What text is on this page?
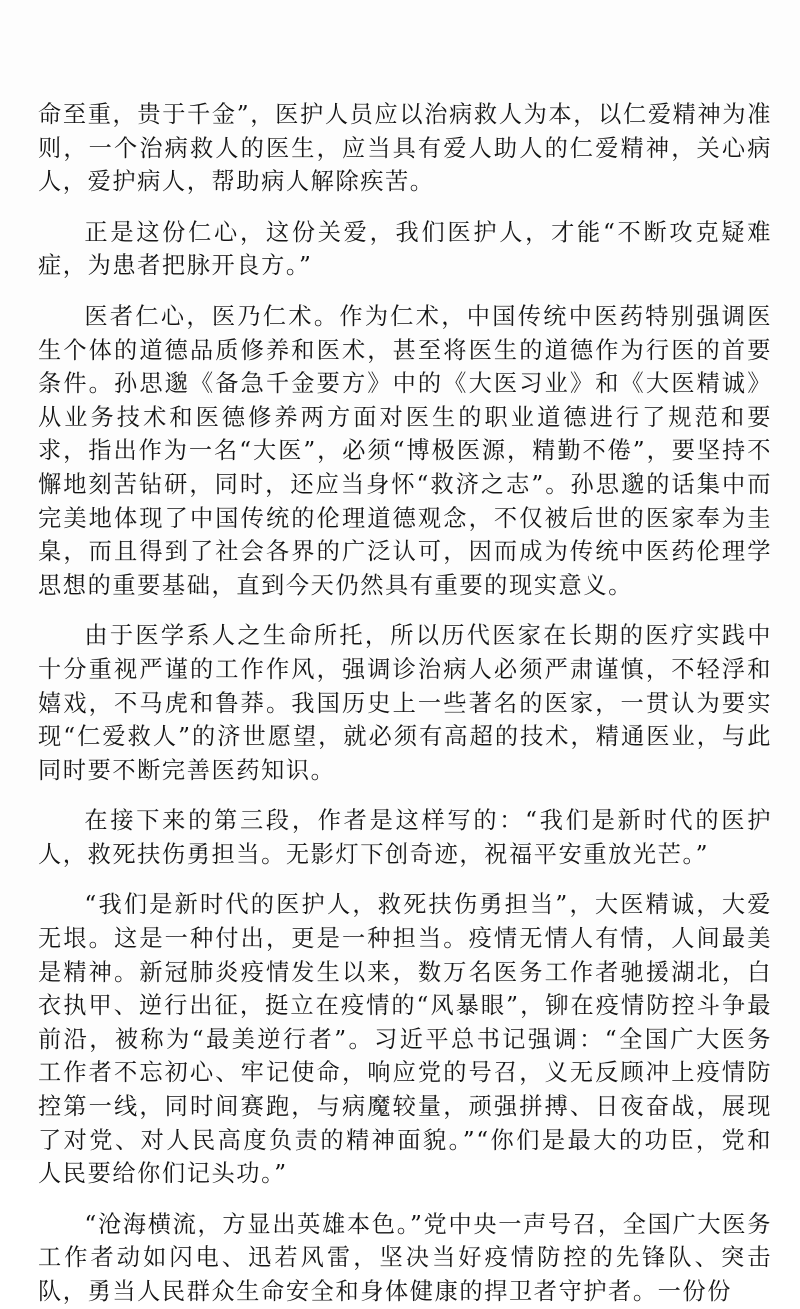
命至重，贵于千金”，医护人员应以治病救人为本，以仁爱精神为准则，一个治病救人的医生，应当具有爱人助人的仁爱精神，关心病人，爱护病人，帮助病人解除疾苦。

正是这份仁心，这份关爱，我们医护人，才能“不断攻克疑难症，为患者把脉开良方。”

医者仁心，医乃仁术。作为仁术，中国传统中医药特别强调医生个体的道德品质修养和医术，甚至将医生的道德作为行医的首要条件。孙思邈《备急千金要方》中的《大医习业》和《大医精诚》从业务技术和医德修养两方面对医生的职业道德进行了规范和要求，指出作为一名“大医”，必须“博极医源，精勤不倦”，要坚持不懈地刻苦钻研，同时，还应当身怀“救济之志”。孙思邈的话集中而完美地体现了中国传统的伦理道德观念，不仅被后世的医家奉为圭臬，而且得到了社会各界的广泛认可，因而成为传统中医药伦理学思想的重要基础，直到今天仍然具有重要的现实意义。

由于医学系人之生命所托，所以历代医家在长期的医疗实践中十分重视严谨的工作作风，强调诊治病人必须严肃谨慎，不轻浮和嬉戏，不马虎和鲁莽。我国历史上一些著名的医家，一贯认为要实现“仁爱救人”的济世愿望，就必须有高超的技术，精通医业，与此同时要不断完善医药知识。

在接下来的第三段，作者是这样写的：“我们是新时代的医护人，救死扶伤勇担当。无影灯下创奇迹，祝福平安重放光芒。”

“我们是新时代的医护人，救死扶伤勇担当”，大医精诚，大爱无垠。这是一种付出，更是一种担当。疫情无情人有情，人间最美是精神。新冠肺炎疫情发生以来，数万名医务工作者驰援湖北，白衣执甲、逆行出征，挺立在疫情的“风暴眼”，铆在疫情防控斗争最前沿，被称为“最美逆行者”。习近平总书记强调：“全国广大医务工作者不忘初心、牢记使命，响应党的号召，义无反顾冲上疫情防控第一线，同时间赛跑，与病魔较量，顽强拼搏、日夜奋战，展现了对党、对人民高度负责的精神面貌。”“你们是最大的功臣，党和人民要给你们记头功。”

“沧海横流，方显出英雄本色。”党中央一声号召，全国广大医务工作者动如闪电、迅若风雷，坚决当好疫情防控的先锋队、突击队，勇当人民群众生命安全和身体健康的捍卫者守护者。一份份
